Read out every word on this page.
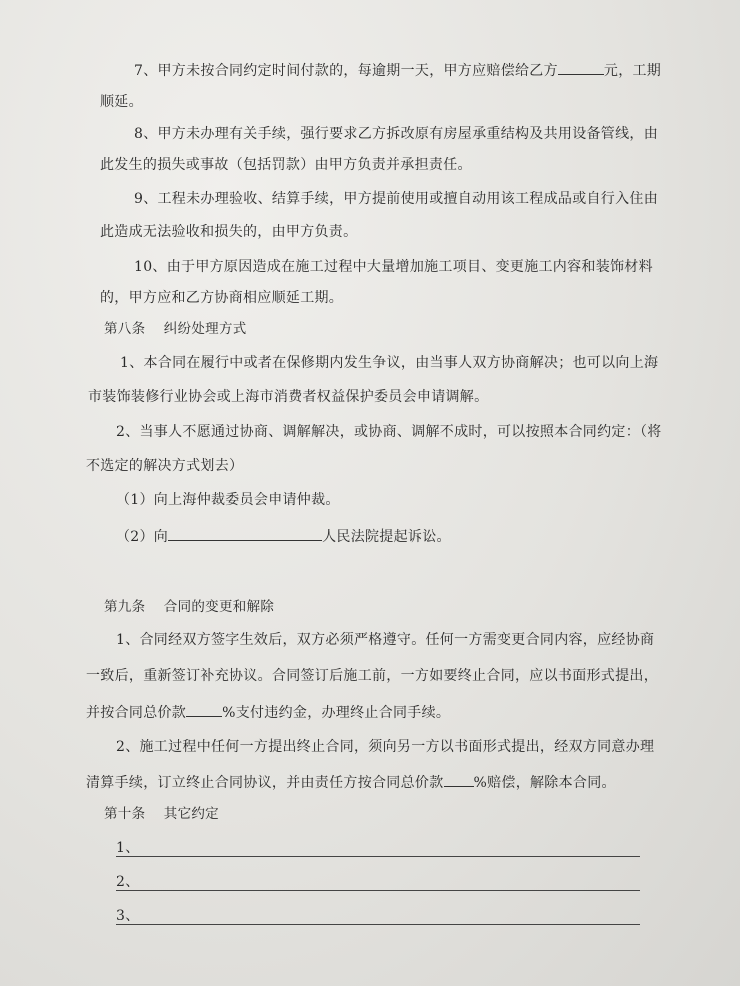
7、甲方未按合同约定时间付款的，每逾期一天，甲方应赔偿给乙方	元，工期
顺延。
8、甲方未办理有关手续，强行要求乙方拆改原有房屋承重结构及共用设备管线，由
此发生的损失或事故（包括罚款）由甲方负责并承担责任。
9、工程未办理验收、结算手续，甲方提前使用或擅自动用该工程成品或自行入住由
此造成无法验收和损失的，由甲方负责。
10、由于甲方原因造成在施工过程中大量增加施工项目、变更施工内容和装饰材料
的，甲方应和乙方协商相应顺延工期。
第八条    纠纷处理方式
1、本合同在履行中或者在保修期内发生争议，由当事人双方协商解决；也可以向上海
市装饰装修行业协会或上海市消费者权益保护委员会申请调解。
2、当事人不愿通过协商、调解解决，或协商、调解不成时，可以按照本合同约定：（将
不选定的解决方式划去）
（1）向上海仲裁委员会申请仲裁。
（2）向	人民法院提起诉讼。
第九条    合同的变更和解除
1、合同经双方签字生效后，双方必须严格遵守。任何一方需变更合同内容，应经协商
一致后，重新签订补充协议。合同签订后施工前，一方如要终止合同，应以书面形式提出，
并按合同总价款	%支付违约金，办理终止合同手续。
2、施工过程中任何一方提出终止合同，须向另一方以书面形式提出，经双方同意办理
清算手续，订立终止合同协议，并由责任方按合同总价款 %赔偿，解除本合同。
第十条    其它约定
1、
2、
3、
